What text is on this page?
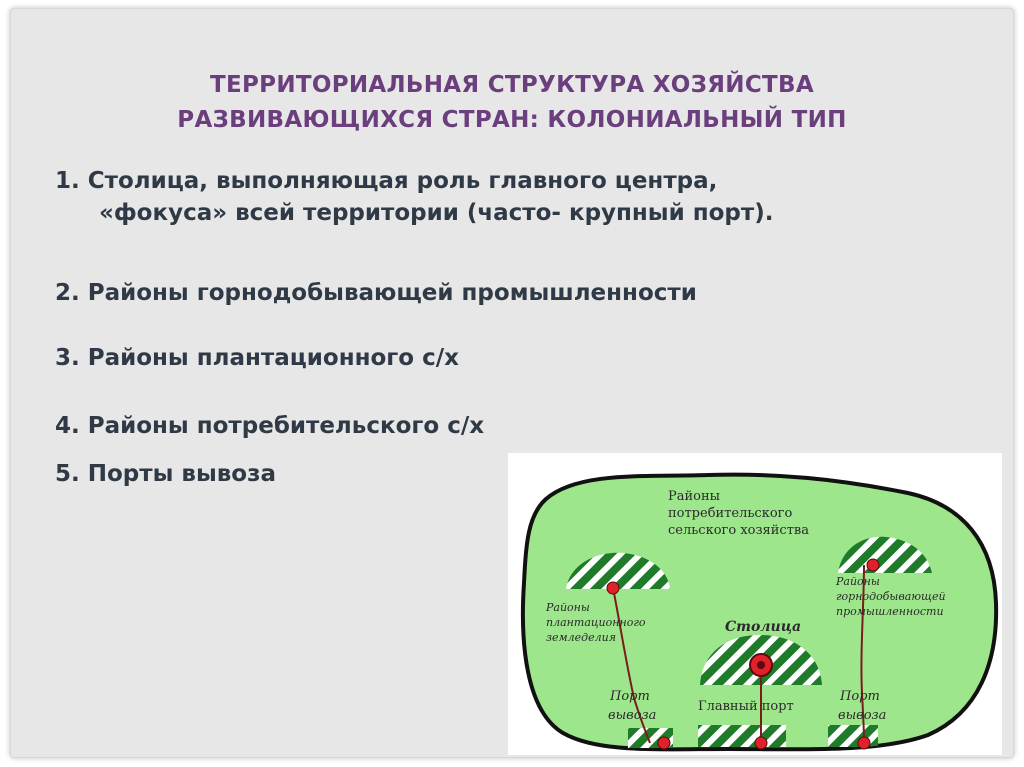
ТЕРРИТОРИАЛЬНАЯ СТРУКТУРА ХОЗЯЙСТВА
РАЗВИВАЮЩИХСЯ СТРАН: КОЛОНИАЛЬНЫЙ ТИП
1. Столица, выполняющая роль главного центра,
«фокуса» всей территории (часто- крупный порт).
2. Районы горнодобывающей промышленности
3. Районы плантационного с/х
4. Районы потребительского с/х
5. Порты вывоза
Районы
потребительского
сельского хозяйства
Районы
плантационного
земледелия
Районы
горнодобывающей
промышленности
Столица
Главный порт
Порт
вывоза
Порт
вывоза
